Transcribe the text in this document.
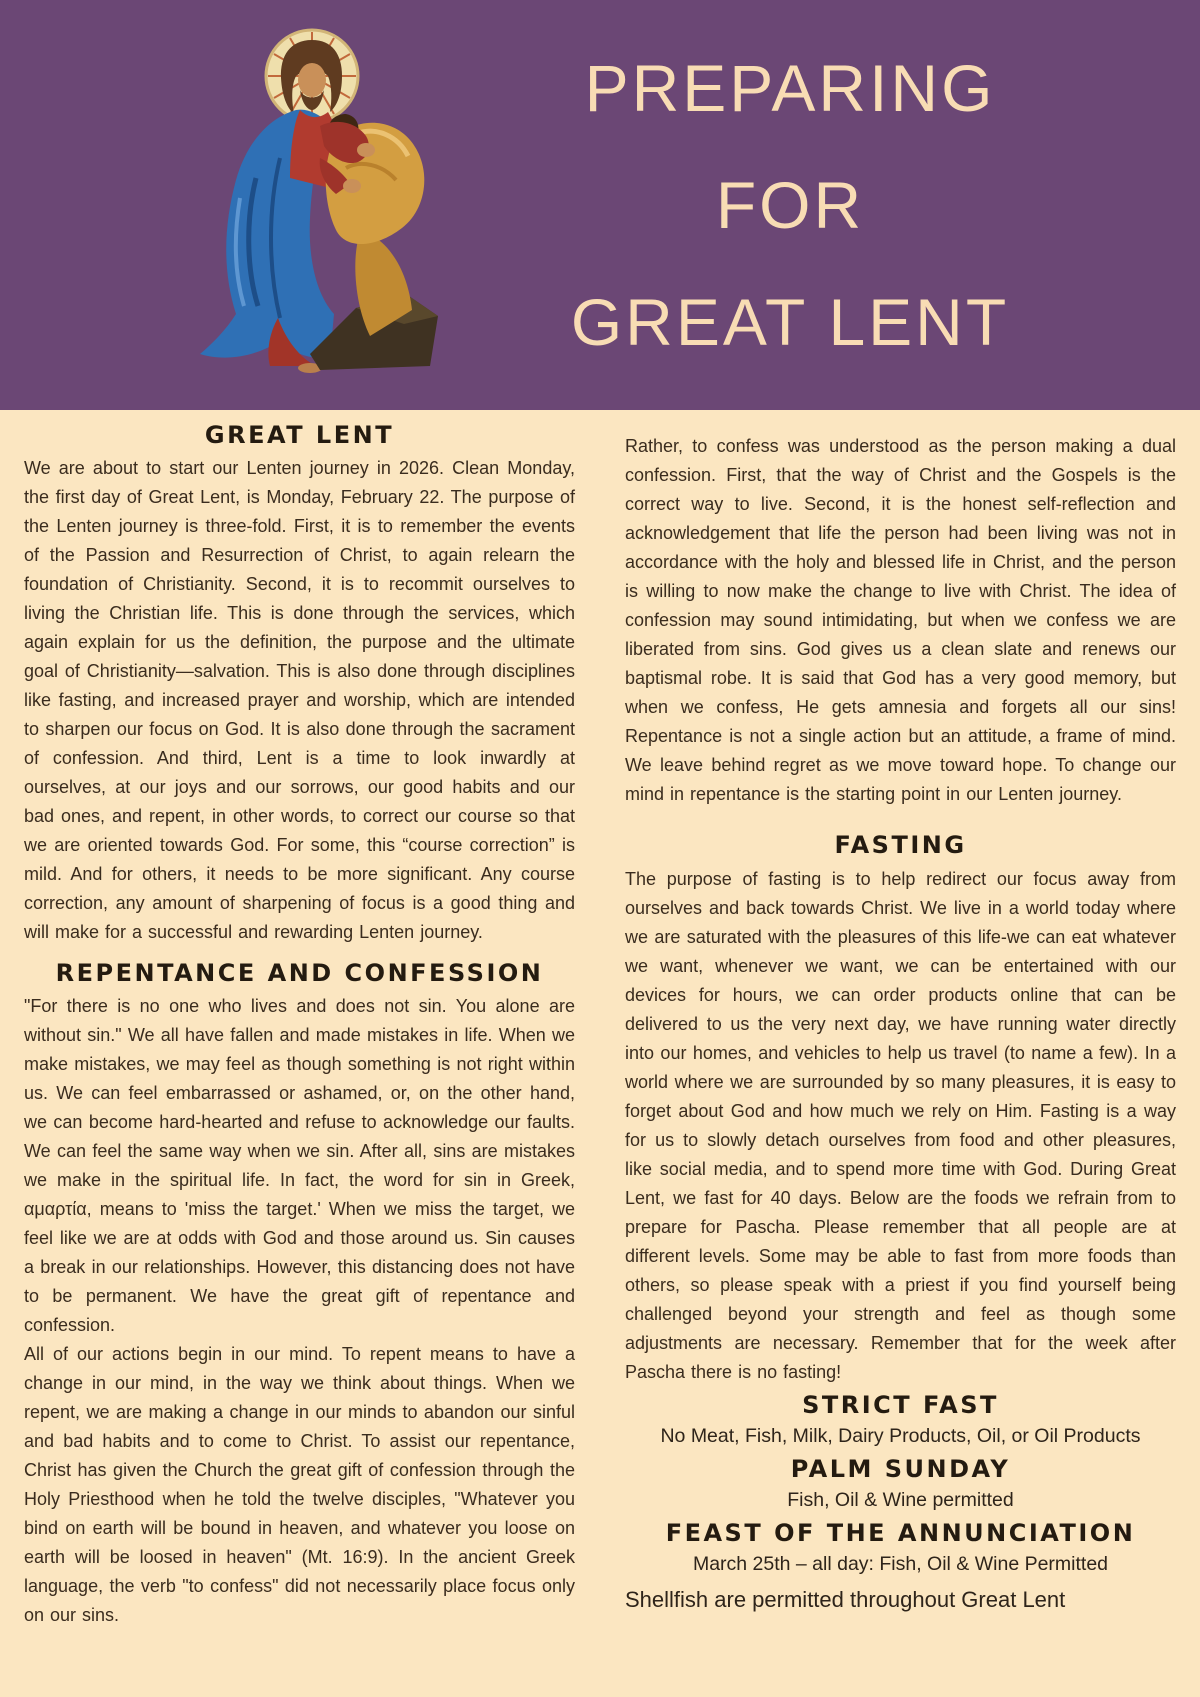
PREPARING
FOR
GREAT LENT
GREAT LENT

We are about to start our Lenten journey in 2026. Clean Monday, the first day of Great Lent, is Monday, February 22. The purpose of the Lenten journey is three-fold. First, it is to remember the events of the Passion and Resurrection of Christ, to again relearn the foundation of Christianity. Second, it is to recommit ourselves to living the Christian life. This is done through the services, which again explain for us the definition, the purpose and the ultimate goal of Christianity—salvation. This is also done through disciplines like fasting, and increased prayer and worship, which are intended to sharpen our focus on God. It is also done through the sacrament of confession. And third, Lent is a time to look inwardly at ourselves, at our joys and our sorrows, our good habits and our bad ones, and repent, in other words, to correct our course so that we are oriented towards God. For some, this “course correction” is mild. And for others, it needs to be more significant. Any course correction, any amount of sharpening of focus is a good thing and will make for a successful and rewarding Lenten journey.

REPENTANCE AND CONFESSION

"For there is no one who lives and does not sin. You alone are without sin." We all have fallen and made mistakes in life. When we make mistakes, we may feel as though something is not right within us. We can feel embarrassed or ashamed, or, on the other hand, we can become hard-hearted and refuse to acknowledge our faults. We can feel the same way when we sin. After all, sins are mistakes we make in the spiritual life. In fact, the word for sin in Greek, αμαρτία, means to 'miss the target.' When we miss the target, we feel like we are at odds with God and those around us. Sin causes a break in our relationships. However, this distancing does not have to be permanent. We have the great gift of repentance and confession.

All of our actions begin in our mind. To repent means to have a change in our mind, in the way we think about things. When we repent, we are making a change in our minds to abandon our sinful and bad habits and to come to Christ. To assist our repentance, Christ has given the Church the great gift of confession through the Holy Priesthood when he told the twelve disciples, "Whatever you bind on earth will be bound in heaven, and whatever you loose on earth will be loosed in heaven" (Mt. 16:9). In the ancient Greek language, the verb "to confess" did not necessarily place focus only on our sins.

Rather, to confess was understood as the person making a dual confession. First, that the way of Christ and the Gospels is the correct way to live. Second, it is the honest self-reflection and acknowledgement that life the person had been living was not in accordance with the holy and blessed life in Christ, and the person is willing to now make the change to live with Christ. The idea of confession may sound intimidating, but when we confess we are liberated from sins. God gives us a clean slate and renews our baptismal robe. It is said that God has a very good memory, but when we confess, He gets amnesia and forgets all our sins! Repentance is not a single action but an attitude, a frame of mind. We leave behind regret as we move toward hope. To change our mind in repentance is the starting point in our Lenten journey.

FASTING

The purpose of fasting is to help redirect our focus away from ourselves and back towards Christ. We live in a world today where we are saturated with the pleasures of this life-we can eat whatever we want, whenever we want, we can be entertained with our devices for hours, we can order products online that can be delivered to us the very next day, we have running water directly into our homes, and vehicles to help us travel (to name a few). In a world where we are surrounded by so many pleasures, it is easy to forget about God and how much we rely on Him. Fasting is a way for us to slowly detach ourselves from food and other pleasures, like social media, and to spend more time with God. During Great Lent, we fast for 40 days. Below are the foods we refrain from to prepare for Pascha. Please remember that all people are at different levels. Some may be able to fast from more foods than others, so please speak with a priest if you find yourself being challenged beyond your strength and feel as though some adjustments are necessary. Remember that for the week after Pascha there is no fasting!

STRICT FAST

No Meat, Fish, Milk, Dairy Products, Oil, or Oil Products

PALM SUNDAY

Fish, Oil & Wine permitted

FEAST OF THE ANNUNCIATION

March 25th – all day: Fish, Oil & Wine Permitted

Shellfish are permitted throughout Great Lent
